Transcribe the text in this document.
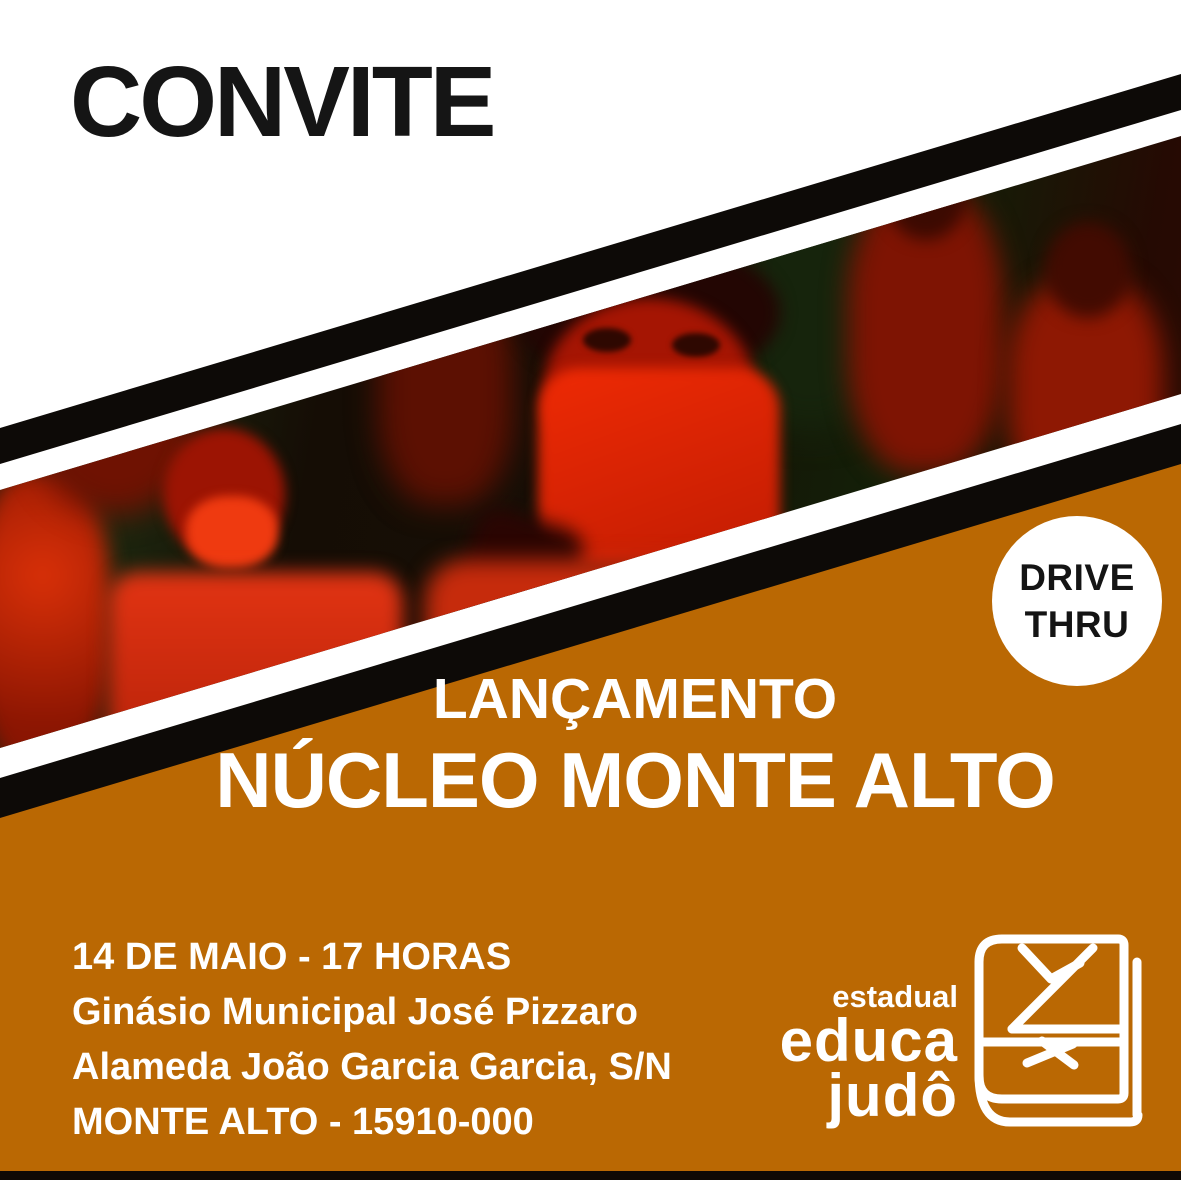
CONVITE
DRIVE
THRU
LANÇAMENTO
NÚCLEO MONTE ALTO
14 DE MAIO - 17 HORAS
Ginásio Municipal José Pizzaro
Alameda João Garcia Garcia, S/N
MONTE ALTO - 15910-000
estadual
educa
judô
